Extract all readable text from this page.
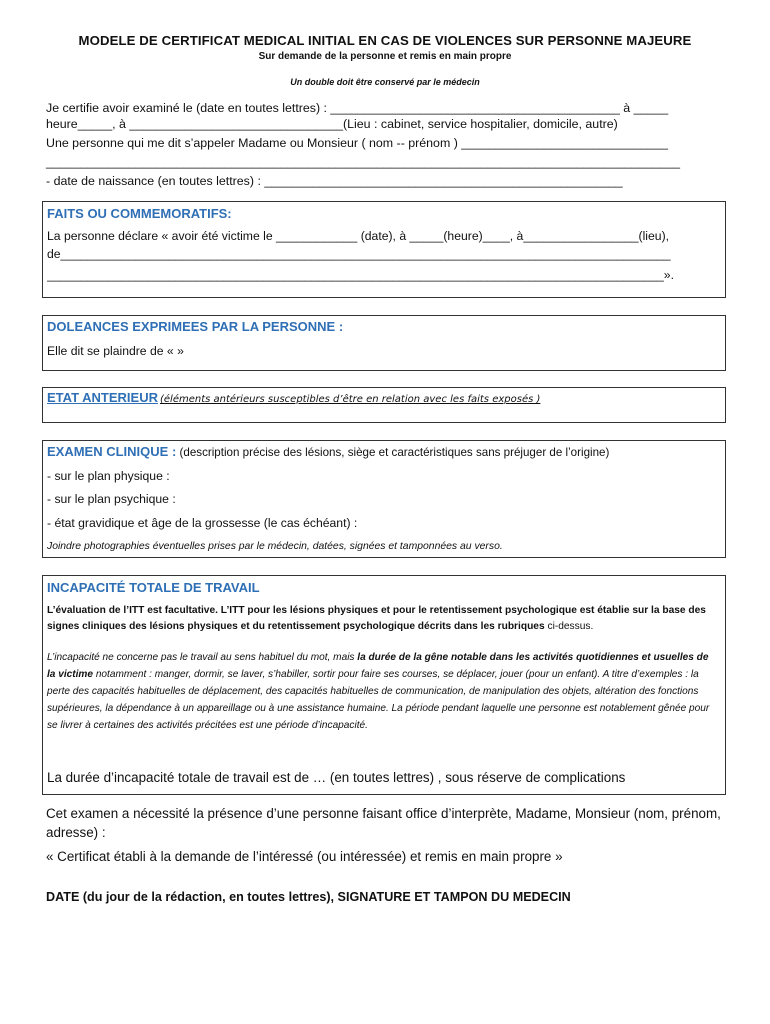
MODELE DE CERTIFICAT MEDICAL INITIAL EN CAS DE VIOLENCES SUR PERSONNE MAJEURE
Sur demande de la personne et remis en main propre
Un double doit être conservé par le médecin
Je certifie avoir examiné le (date en toutes lettres) : __________________________________________ à _____
heure_____, à _______________________________(Lieu : cabinet, service hospitalier, domicile, autre)
Une personne qui me dit s’appeler Madame ou Monsieur ( nom -- prénom ) ______________________________
____________________________________________________________________________________________
- date de naissance (en toutes lettres) : ____________________________________________________
FAITS OU COMMEMORATIFS:
La personne déclare « avoir été victime le ____________ (date), à _____(heure)____, à_________________(lieu),
de__________________________________________________________________________________________
___________________________________________________________________________________________».
DOLEANCES EXPRIMEES PAR LA PERSONNE :
Elle dit se plaindre de « »
ETAT ANTERIEUR (éléments antérieurs susceptibles d’être en relation avec les faits exposés )
EXAMEN CLINIQUE : (description précise des lésions, siège et caractéristiques sans préjuger de l’origine)
- sur le plan physique :
- sur le plan psychique :
- état gravidique et âge de la grossesse (le cas échéant) :
Joindre photographies éventuelles prises par le médecin, datées, signées et tamponnées au verso.
INCAPACITÉ TOTALE DE TRAVAIL
L’évaluation de l’ITT est facultative. L’ITT pour les lésions physiques et pour le retentissement psychologique est établie sur la base des signes cliniques des lésions physiques et du retentissement psychologique décrits dans les rubriques ci-dessus.
L’incapacité ne concerne pas le travail au sens habituel du mot, mais la durée de la gêne notable dans les activités quotidiennes et usuelles de la victime notamment : manger, dormir, se laver, s’habiller, sortir pour faire ses courses, se déplacer, jouer (pour un enfant). A titre d’exemples : la perte des capacités habituelles de déplacement, des capacités habituelles de communication, de manipulation des objets, altération des fonctions supérieures, la dépendance à un appareillage ou à une assistance humaine. La période pendant laquelle une personne est notablement gênée pour se livrer à certaines des activités précitées est une période d’incapacité.
La durée d’incapacité totale de travail est de … (en toutes lettres) , sous réserve de complications
Cet examen a nécessité la présence d’une personne faisant office d’interprète, Madame, Monsieur (nom, prénom, adresse) :
« Certificat établi à la demande de l’intéressé (ou intéressée) et remis en main propre »
DATE (du jour de la rédaction, en toutes lettres), SIGNATURE ET TAMPON DU MEDECIN
